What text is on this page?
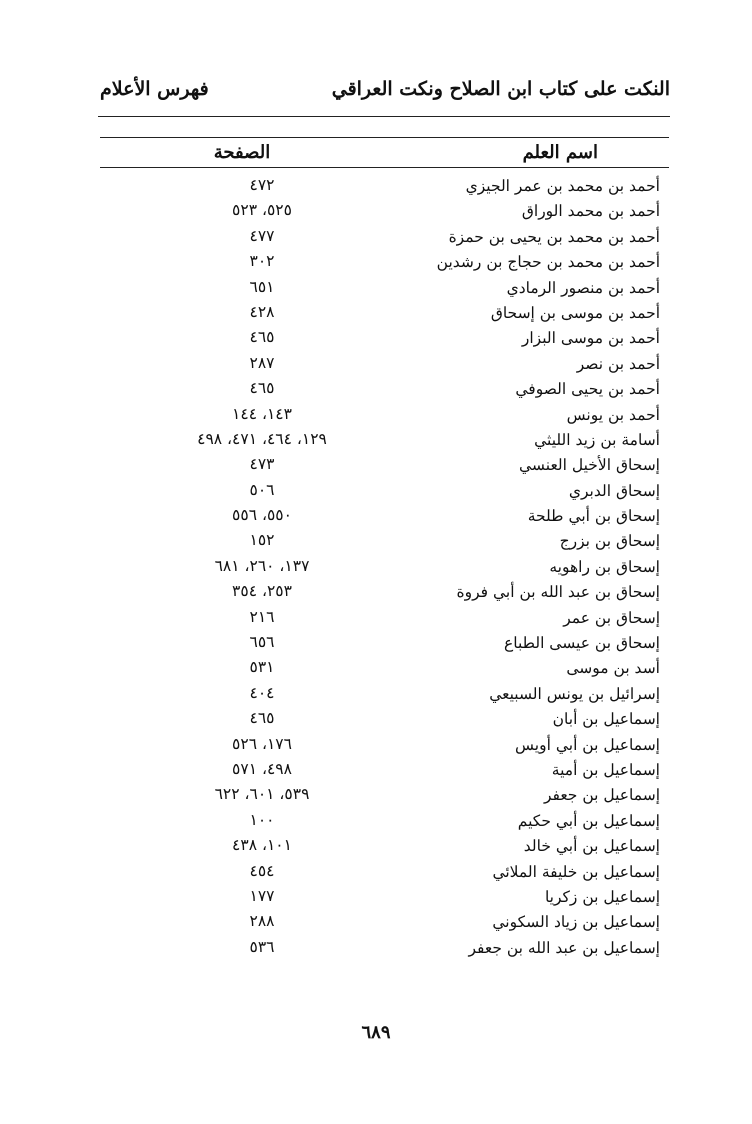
النكت على كتاب ابن الصلاح ونكت العراقي
فهرس الأعلام
اسم العلم
الصفحة
أحمد بن محمد بن عمر الجيزي
٤٧٢
أحمد بن محمد الوراق
٥٢٥، ٥٢٣
أحمد بن محمد بن يحيى بن حمزة
٤٧٧
أحمد بن محمد بن حجاج بن رشدين
٣٠٢
أحمد بن منصور الرمادي
٦٥١
أحمد بن موسى بن إسحاق
٤٢٨
أحمد بن موسى البزار
٤٦٥
أحمد بن نصر
٢٨٧
أحمد بن يحيى الصوفي
٤٦٥
أحمد بن يونس
١٤٣، ١٤٤
أسامة بن زيد الليثي
١٢٩، ٤٦٤، ٤٧١، ٤٩٨
إسحاق الأخيل العنسي
٤٧٣
إسحاق الدبري
٥٠٦
إسحاق بن أبي طلحة
٥٥٠، ٥٥٦
إسحاق بن بزرج
١٥٢
إسحاق بن راهويه
١٣٧، ٢٦٠، ٦٨١
إسحاق بن عبد الله بن أبي فروة
٢٥٣، ٣٥٤
إسحاق بن عمر
٢١٦
إسحاق بن عيسى الطباع
٦٥٦
أسد بن موسى
٥٣١
إسرائيل بن يونس السبيعي
٤٠٤
إسماعيل بن أبان
٤٦٥
إسماعيل بن أبي أويس
١٧٦، ٥٢٦
إسماعيل بن أمية
٤٩٨، ٥٧١
إسماعيل بن جعفر
٥٣٩، ٦٠١، ٦٢٢
إسماعيل بن أبي حكيم
١٠٠
إسماعيل بن أبي خالد
١٠١، ٤٣٨
إسماعيل بن خليفة الملائي
٤٥٤
إسماعيل بن زكريا
١٧٧
إسماعيل بن زياد السكوني
٢٨٨
إسماعيل بن عبد الله بن جعفر
٥٣٦
٦٨٩
